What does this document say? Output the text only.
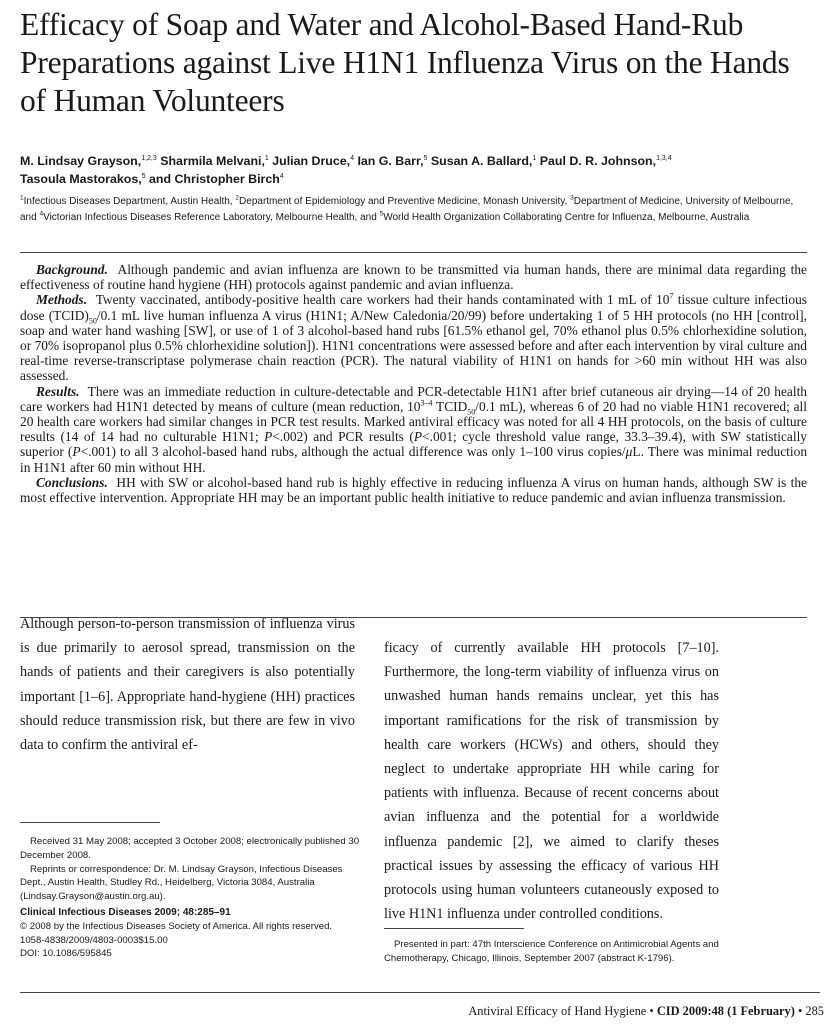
Efficacy of Soap and Water and Alcohol-Based Hand-Rub Preparations against Live H1N1 Influenza Virus on the Hands of Human Volunteers
M. Lindsay Grayson,$^{1,2,3}$ Sharmila Melvani,$^1$ Julian Druce,$^4$ Ian G. Barr,$^5$ Susan A. Ballard,$^1$ Paul D. R. Johnson,$^{1,3,4}$
Tasoula Mastorakos,$^5$ and Christopher Birch$^4$
$^1$Infectious Diseases Department, Austin Health, $^2$Department of Epidemiology and Preventive Medicine, Monash University, $^3$Department of Medicine, University of Melbourne, and $^4$Victorian Infectious Diseases Reference Laboratory, Melbourne Health, and $^5$World Health Organization Collaborating Centre for Influenza, Melbourne, Australia

Background. Although pandemic and avian influenza are known to be transmitted via human hands, there are minimal data regarding the effectiveness of routine hand hygiene (HH) protocols against pandemic and avian influenza.

Methods. Twenty vaccinated, antibody-positive health care workers had their hands contaminated with 1 mL of $10^7$ tissue culture infectious dose $(TCID)_{50}/0.1$ mL live human influenza A virus (H1N1; A/New Caledonia/20/99) before undertaking 1 of 5 HH protocols (no HH [control], soap and water hand washing [SW], or use of 1 of 3 alcohol-based hand rubs [61.5% ethanol gel, 70% ethanol plus 0.5% chlorhexidine solution, or 70% isopropanol plus 0.5% chlorhexidine solution]). H1N1 concentrations were assessed before and after each intervention by viral culture and real-time reverse-transcriptase polymerase chain reaction (PCR). The natural viability of H1N1 on hands for >60 min without HH was also assessed.

Results. There was an immediate reduction in culture-detectable and PCR-detectable H1N1 after brief cutaneous air drying—14 of 20 health care workers had H1N1 detected by means of culture (mean reduction, 10$^{3-4}$ $TCID_{50}/0.1$ mL), whereas 6 of 20 had no viable H1N1 recovered; all 20 health care workers had similar changes in PCR test results. Marked antiviral efficacy was noted for all 4 HH protocols, on the basis of culture results (14 of 14 had no culturable H1N1; P<.002) and PCR results (P<.001; cycle threshold value range, 33.3–39.4), with SW statistically superior (P<.001) to all 3 alcohol-based hand rubs, although the actual difference was only 1–100 virus copies/μL. There was minimal reduction in H1N1 after 60 min without HH.

Conclusions. HH with SW or alcohol-based hand rub is highly effective in reducing influenza A virus on human hands, although SW is the most effective intervention. Appropriate HH may be an important public health initiative to reduce pandemic and avian influenza transmission.

Although person-to-person transmission of influenza virus is due primarily to aerosol spread, transmission on the hands of patients and their caregivers is also potentially important [1–6]. Appropriate hand-hygiene (HH) practices should reduce transmission risk, but there are few in vivo data to confirm the antiviral ef-
ficacy of currently available HH protocols [7–10]. Furthermore, the long-term viability of influenza virus on unwashed human hands remains unclear, yet this has important ramifications for the risk of transmission by health care workers (HCWs) and others, should they neglect to undertake appropriate HH while caring for patients with influenza. Because of recent concerns about avian influenza and the potential for a worldwide influenza pandemic [2], we aimed to clarify theses practical issues by assessing the efficacy of various HH protocols using human volunteers cutaneously exposed to live H1N1 influenza under controlled conditions.

Received 31 May 2008; accepted 3 October 2008; electronically published 30 December 2008.

Reprints or correspondence: Dr. M. Lindsay Grayson, Infectious Diseases Dept., Austin Health, Studley Rd., Heidelberg, Victoria 3084, Australia (Lindsay.Grayson@austin.org.au).

Clinical Infectious Diseases 2009; 48:285–91

© 2008 by the Infectious Diseases Society of America. All rights reserved.

1058-4838/2009/4803-0003$15.00

DOI: 10.1086/595845

Presented in part: 47th Interscience Conference on Antimicrobial Agents and Chemotherapy, Chicago, Illinois, September 2007 (abstract K-1796).
Antiviral Efficacy of Hand Hygiene • CID 2009:48 (1 February) • 285
